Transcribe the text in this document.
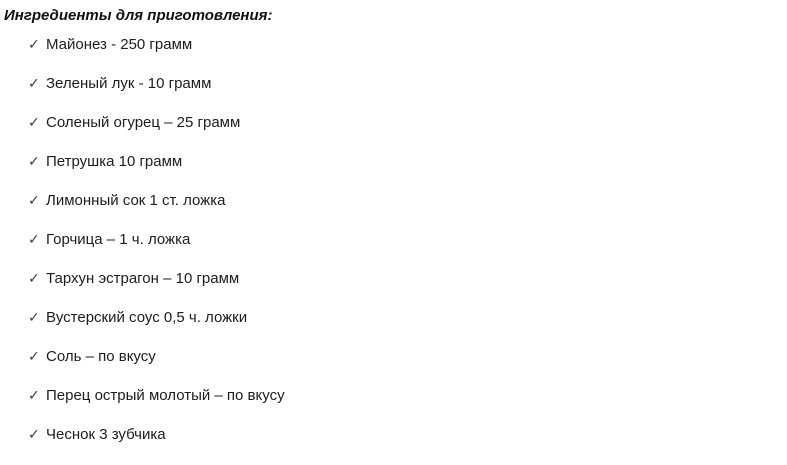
Ингредиенты для приготовления:
✓ Майонез - 250 грамм
✓ Зеленый лук - 10 грамм
✓ Соленый огурец – 25 грамм
✓ Петрушка 10 грамм
✓ Лимонный сок 1 ст. ложка
✓ Горчица – 1 ч. ложка
✓ Тархун эстрагон – 10 грамм
✓ Вустерский соус 0,5 ч. ложки
✓ Соль – по вкусу
✓ Перец острый молотый – по вкусу
✓ Чеснок 3 зубчика
